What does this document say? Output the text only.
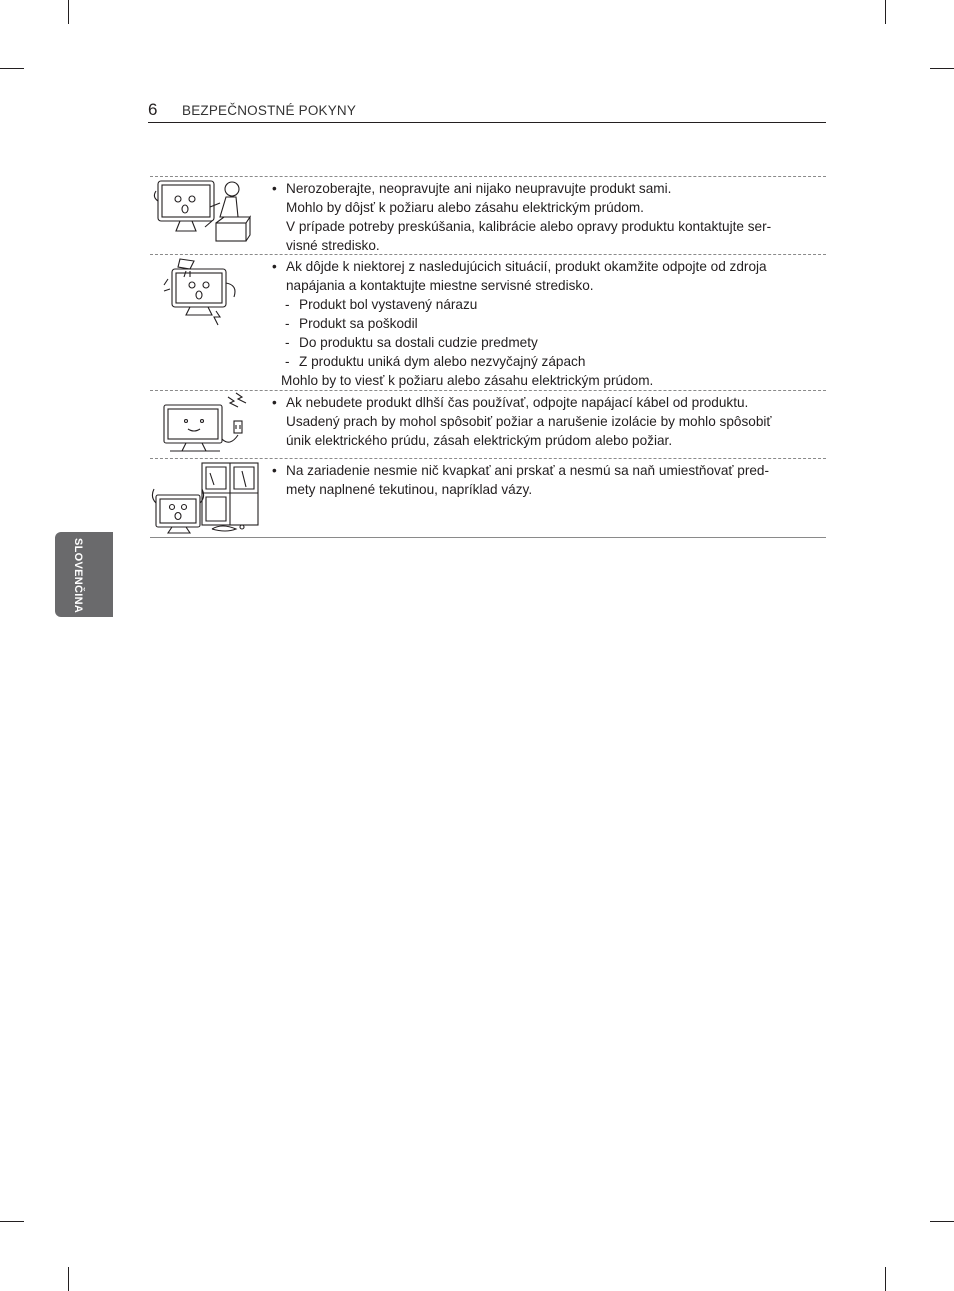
6 BEZPEČNOSTNÉ POKYNY
SLOVENČINA
• Nerozoberajte, neopravujte ani nijako neupravujte produkt sami.
Mohlo by dôjsť k požiaru alebo zásahu elektrickým prúdom.
V prípade potreby preskúšania, kalibrácie alebo opravy produktu kontaktujte ser-
visné stredisko.
• Ak dôjde k niektorej z nasledujúcich situácií, produkt okamžite odpojte od zdroja
napájania a kontaktujte miestne servisné stredisko.
- Produkt bol vystavený nárazu
- Produkt sa poškodil
- Do produktu sa dostali cudzie predmety
- Z produktu uniká dym alebo nezvyčajný zápach
Mohlo by to viesť k požiaru alebo zásahu elektrickým prúdom.
• Ak nebudete produkt dlhší čas používať, odpojte napájací kábel od produktu.
Usadený prach by mohol spôsobiť požiar a narušenie izolácie by mohlo spôsobiť
únik elektrického prúdu, zásah elektrickým prúdom alebo požiar.
• Na zariadenie nesmie nič kvapkať ani prskať a nesmú sa naň umiestňovať pred-
mety naplnené tekutinou, napríklad vázy.
